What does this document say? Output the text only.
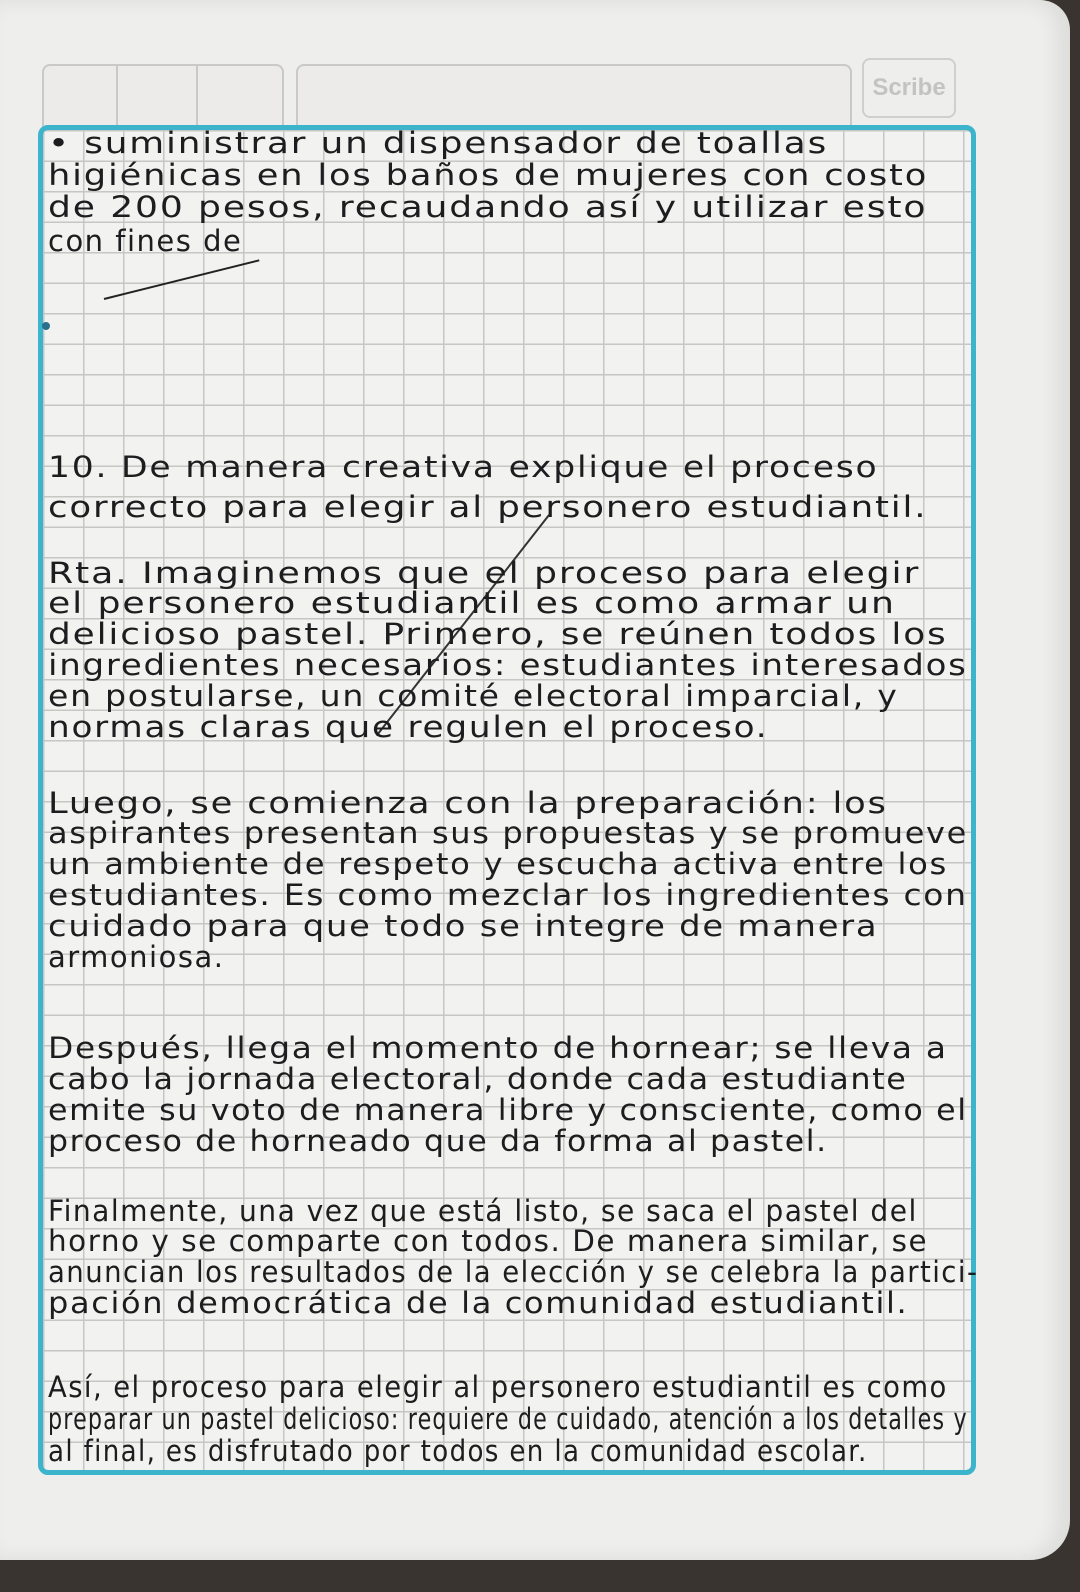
Scribe
• suministrar un dispensador de toallas
higiénicas en los baños de mujeres con costo
de 200 pesos, recaudando así y utilizar esto
con fines de
10. De manera creativa explique el proceso
correcto para elegir al personero estudiantil.
Rta. Imaginemos que el proceso para elegir
el personero estudiantil es como armar un
delicioso pastel. Primero, se reúnen todos los
ingredientes necesarios: estudiantes interesados
en postularse, un comité electoral imparcial, y
normas claras que regulen el proceso.
Luego, se comienza con la preparación: los
aspirantes presentan sus propuestas y se promueve
un ambiente de respeto y escucha activa entre los
estudiantes. Es como mezclar los ingredientes con
cuidado para que todo se integre de manera
armoniosa.
Después, llega el momento de hornear; se lleva a
cabo la jornada electoral, donde cada estudiante
emite su voto de manera libre y consciente, como el
proceso de horneado que da forma al pastel.
Finalmente, una vez que está listo, se saca el pastel del
horno y se comparte con todos. De manera similar, se
anuncian los resultados de la elección y se celebra la partici-
pación democrática de la comunidad estudiantil.
Así, el proceso para elegir al personero estudiantil es como
preparar un pastel delicioso: requiere de cuidado, atención a los detalles y
al final, es disfrutado por todos en la comunidad escolar.
